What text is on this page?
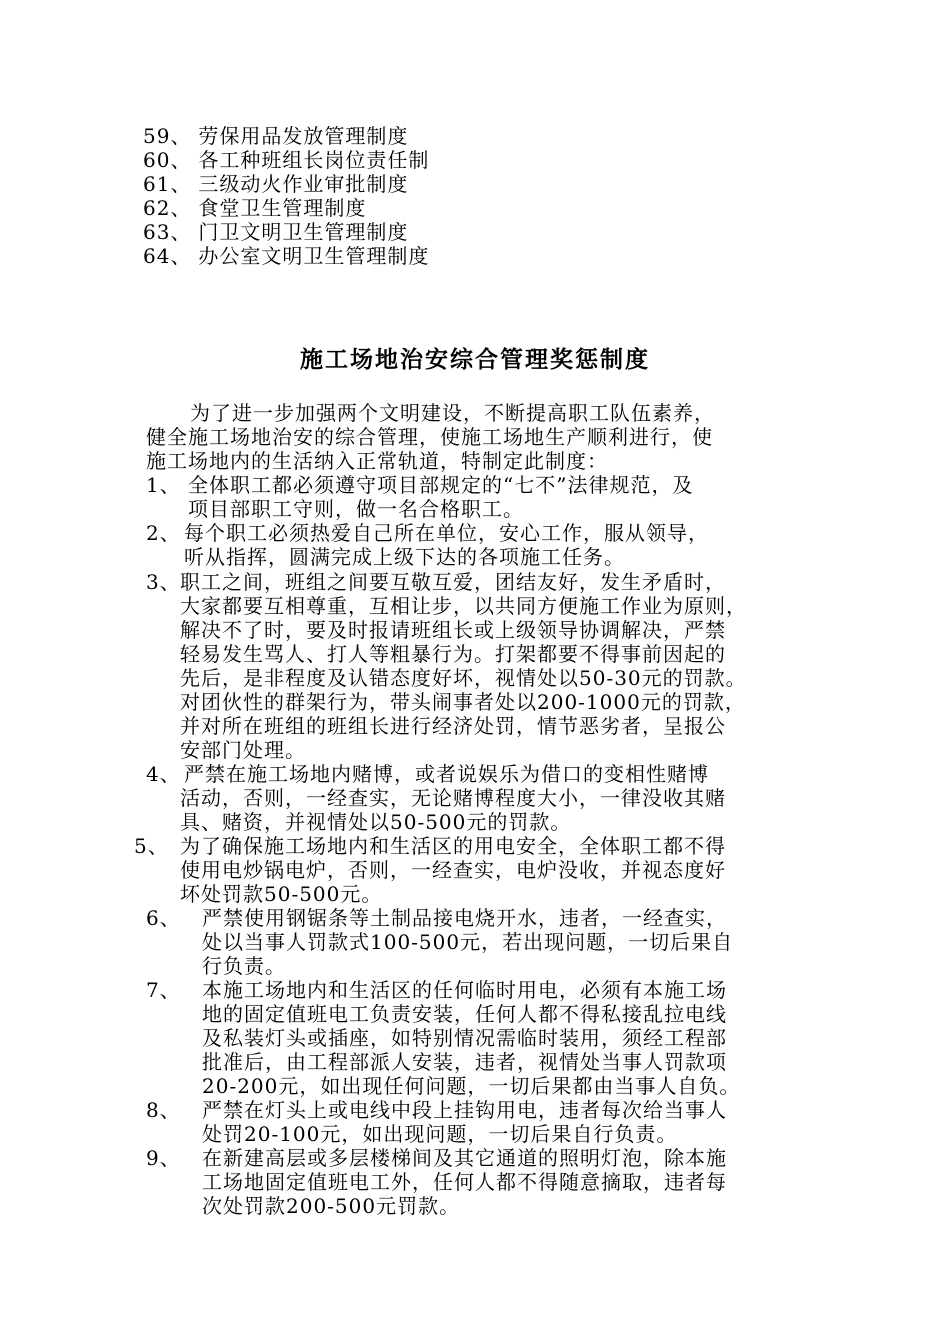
59、 劳保用品发放管理制度
60、 各工种班组长岗位责任制
61、 三级动火作业审批制度
62、 食堂卫生管理制度
63、 门卫文明卫生管理制度
64、 办公室文明卫生管理制度
施工场地治安综合管理奖惩制度
为了进一步加强两个文明建设，不断提高职工队伍素养，
健全施工场地治安的综合管理，使施工场地生产顺利进行，使
施工场地内的生活纳入正常轨道，特制定此制度：
1、 全体职工都必须遵守项目部规定的“七不”法律规范，及
项目部职工守则，做一名合格职工。
2、 每个职工必须热爱自己所在单位，安心工作，服从领导，
听从指挥，圆满完成上级下达的各项施工任务。
3、 职工之间，班组之间要互敬互爱，团结友好，发生矛盾时，
大家都要互相尊重，互相让步，以共同方便施工作业为原则，
解决不了时，要及时报请班组长或上级领导协调解决，严禁
轻易发生骂人、打人等粗暴行为。打架都要不得事前因起的
先后，是非程度及认错态度好坏，视情处以50-30元的罚款。
对团伙性的群架行为，带头闹事者处以200-1000元的罚款，
并对所在班组的班组长进行经济处罚，情节恶劣者，呈报公
安部门处理。
4、 严禁在施工场地内赌博，或者说娱乐为借口的变相性赌博
活动，否则，一经查实，无论赌博程度大小，一律没收其赌
具、赌资，并视情处以50-500元的罚款。
5、 为了确保施工场地内和生活区的用电安全，全体职工都不得
使用电炒锅电炉，否则，一经查实，电炉没收，并视态度好
坏处罚款50-500元。
6、 严禁使用钢锯条等土制品接电烧开水，违者，一经查实，
处以当事人罚款式100-500元，若出现问题，一切后果自
行负责。
7、 本施工场地内和生活区的任何临时用电，必须有本施工场
地的固定值班电工负责安装，任何人都不得私接乱拉电线
及私装灯头或插座，如特别情况需临时装用，须经工程部
批准后，由工程部派人安装，违者，视情处当事人罚款项
20-200元，如出现任何问题，一切后果都由当事人自负。
8、 严禁在灯头上或电线中段上挂钩用电，违者每次给当事人
处罚20-100元，如出现问题，一切后果自行负责。
9、 在新建高层或多层楼梯间及其它通道的照明灯泡，除本施
工场地固定值班电工外，任何人都不得随意摘取，违者每
次处罚款200-500元罚款。
